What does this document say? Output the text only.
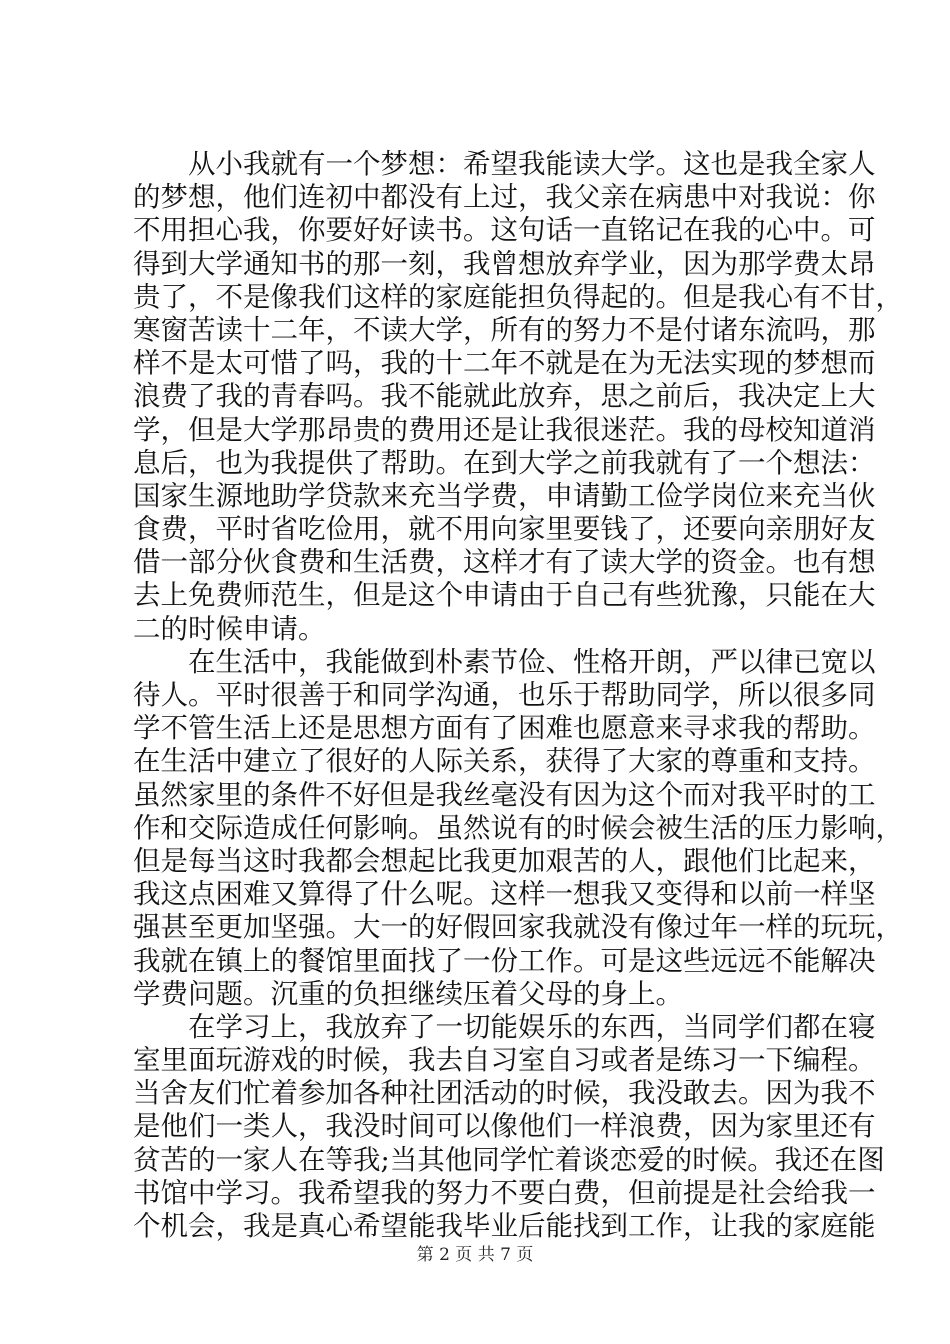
从小我就有一个梦想：希望我能读大学。这也是我全家人
的梦想，他们连初中都没有上过，我父亲在病患中对我说：你
不用担心我，你要好好读书。这句话一直铭记在我的心中。可
得到大学通知书的那一刻，我曾想放弃学业，因为那学费太昂
贵了，不是像我们这样的家庭能担负得起的。但是我心有不甘，
寒窗苦读十二年，不读大学，所有的努力不是付诸东流吗，那
样不是太可惜了吗，我的十二年不就是在为无法实现的梦想而
浪费了我的青春吗。我不能就此放弃，思之前后，我决定上大
学，但是大学那昂贵的费用还是让我很迷茫。我的母校知道消
息后，也为我提供了帮助。在到大学之前我就有了一个想法：
国家生源地助学贷款来充当学费，申请勤工俭学岗位来充当伙
食费，平时省吃俭用，就不用向家里要钱了，还要向亲朋好友
借一部分伙食费和生活费，这样才有了读大学的资金。也有想
去上免费师范生，但是这个申请由于自己有些犹豫，只能在大
二的时候申请。
在生活中，我能做到朴素节俭、性格开朗，严以律已宽以
待人。平时很善于和同学沟通，也乐于帮助同学，所以很多同
学不管生活上还是思想方面有了困难也愿意来寻求我的帮助。
在生活中建立了很好的人际关系，获得了大家的尊重和支持。
虽然家里的条件不好但是我丝毫没有因为这个而对我平时的工
作和交际造成任何影响。虽然说有的时候会被生活的压力影响，
但是每当这时我都会想起比我更加艰苦的人，跟他们比起来，
我这点困难又算得了什么呢。这样一想我又变得和以前一样坚
强甚至更加坚强。大一的好假回家我就没有像过年一样的玩玩，
我就在镇上的餐馆里面找了一份工作。可是这些远远不能解决
学费问题。沉重的负担继续压着父母的身上。
在学习上，我放弃了一切能娱乐的东西，当同学们都在寝
室里面玩游戏的时候，我去自习室自习或者是练习一下编程。
当舍友们忙着参加各种社团活动的时候，我没敢去。因为我不
是他们一类人，我没时间可以像他们一样浪费，因为家里还有
贫苦的一家人在等我;当其他同学忙着谈恋爱的时候。我还在图
书馆中学习。我希望我的努力不要白费，但前提是社会给我一
个机会，我是真心希望能我毕业后能找到工作，让我的家庭能
第 2 页 共 7 页
